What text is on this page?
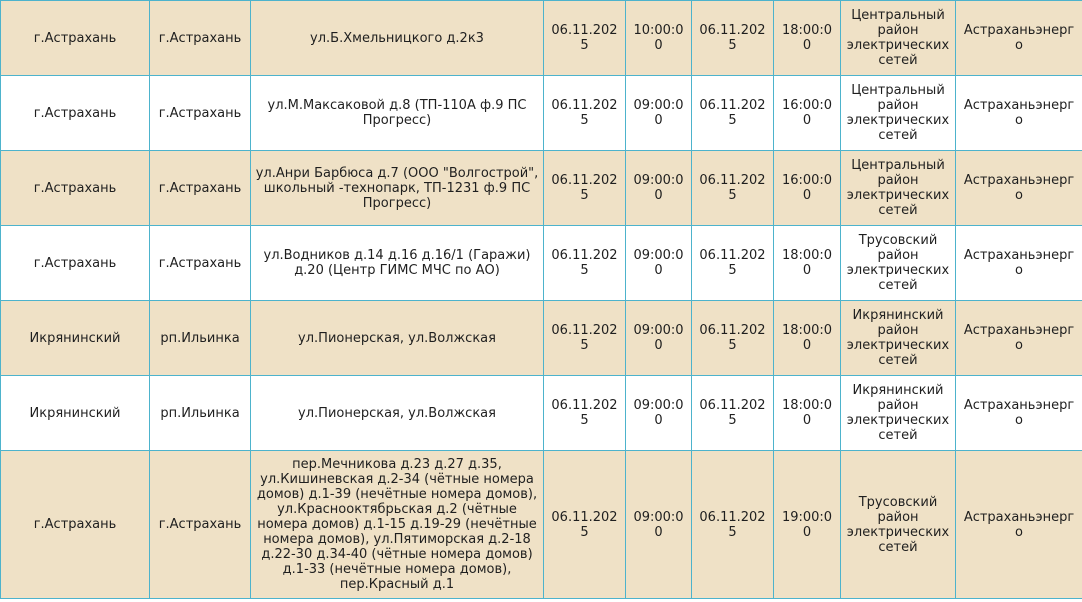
г.Астрахань	г.Астрахань	ул.Б.Хмельницкого д.2к3	06.11.2025	10:00:00	06.11.2025	18:00:00	Центральный район электрических сетей	Астраханьэнерго
г.Астрахань	г.Астрахань	ул.М.Максаковой д.8 (ТП-110А ф.9 ПС Прогресс)	06.11.2025	09:00:00	06.11.2025	16:00:00	Центральный район электрических сетей	Астраханьэнерго
г.Астрахань	г.Астрахань	ул.Анри Барбюса д.7 (ООО "Волгострой", школьный -технопарк, ТП-1231 ф.9 ПС Прогресс)	06.11.2025	09:00:00	06.11.2025	16:00:00	Центральный район электрических сетей	Астраханьэнерго
г.Астрахань	г.Астрахань	ул.Водников д.14 д.16 д.16/1 (Гаражи) д.20 (Центр ГИМС МЧС по АО)	06.11.2025	09:00:00	06.11.2025	18:00:00	Трусовский район электрических сетей	Астраханьэнерго
Икрянинский	рп.Ильинка	ул.Пионерская, ул.Волжская	06.11.2025	09:00:00	06.11.2025	18:00:00	Икрянинский район электрических сетей	Астраханьэнерго
Икрянинский	рп.Ильинка	ул.Пионерская, ул.Волжская	06.11.2025	09:00:00	06.11.2025	18:00:00	Икрянинский район электрических сетей	Астраханьэнерго
г.Астрахань	г.Астрахань	пер.Мечникова д.23 д.27 д.35, ул.Кишиневская д.2-34 (чётные номера домов) д.1-39 (нечётные номера домов), ул.Краснооктябрьская д.2 (чётные номера домов) д.1-15 д.19-29 (нечётные номера домов), ул.Пятиморская д.2-18 д.22-30 д.34-40 (чётные номера домов) д.1-33 (нечётные номера домов), пер.Красный д.1	06.11.2025	09:00:00	06.11.2025	19:00:00	Трусовский район электрических сетей	Астраханьэнерго
